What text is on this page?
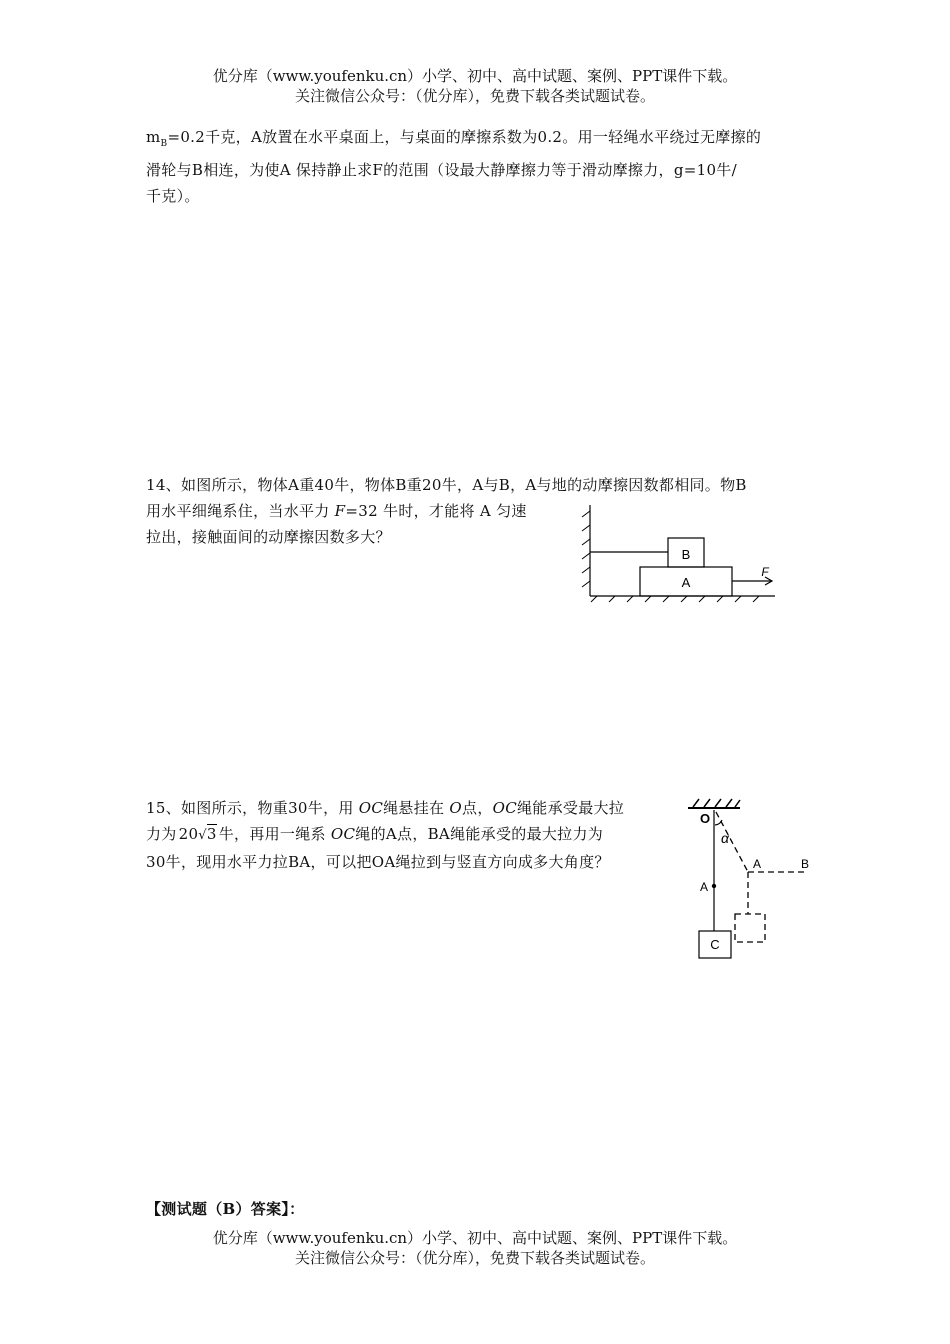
优分库（www.youfenku.cn）小学、初中、高中试题、案例、PPT课件下载。
关注微信公众号：（优分库），免费下载各类试题试卷。
$m_B=0.2$千克，A放置在水平桌面上，与桌面的摩擦系数为0.2。用一轻绳水平绕过无摩擦的
滑轮与B相连，为使A 保持静止求F的范围（设最大静摩擦力等于滑动摩擦力，g=10牛/
千克）。
14、如图所示，物体A重40牛，物体B重20牛，A与B，A与地的动摩擦因数都相同。物B
用水平细绳系住，当水平力 F=32 牛时，才能将 A 匀速
拉出，接触面间的动摩擦因数多大？
B
A
F
15、如图所示，物重30牛，用 OC绳悬挂在 O点，OC绳能承受最大拉
力为 20√3 牛，再用一绳系 OC绳的A点，BA绳能承受的最大拉力为
30牛，现用水平力拉BA，可以把OA绳拉到与竖直方向成多大角度？
O
α
A
C
A	B
【测试题（B）答案】：
优分库（www.youfenku.cn）小学、初中、高中试题、案例、PPT课件下载。
关注微信公众号：（优分库），免费下载各类试题试卷。
